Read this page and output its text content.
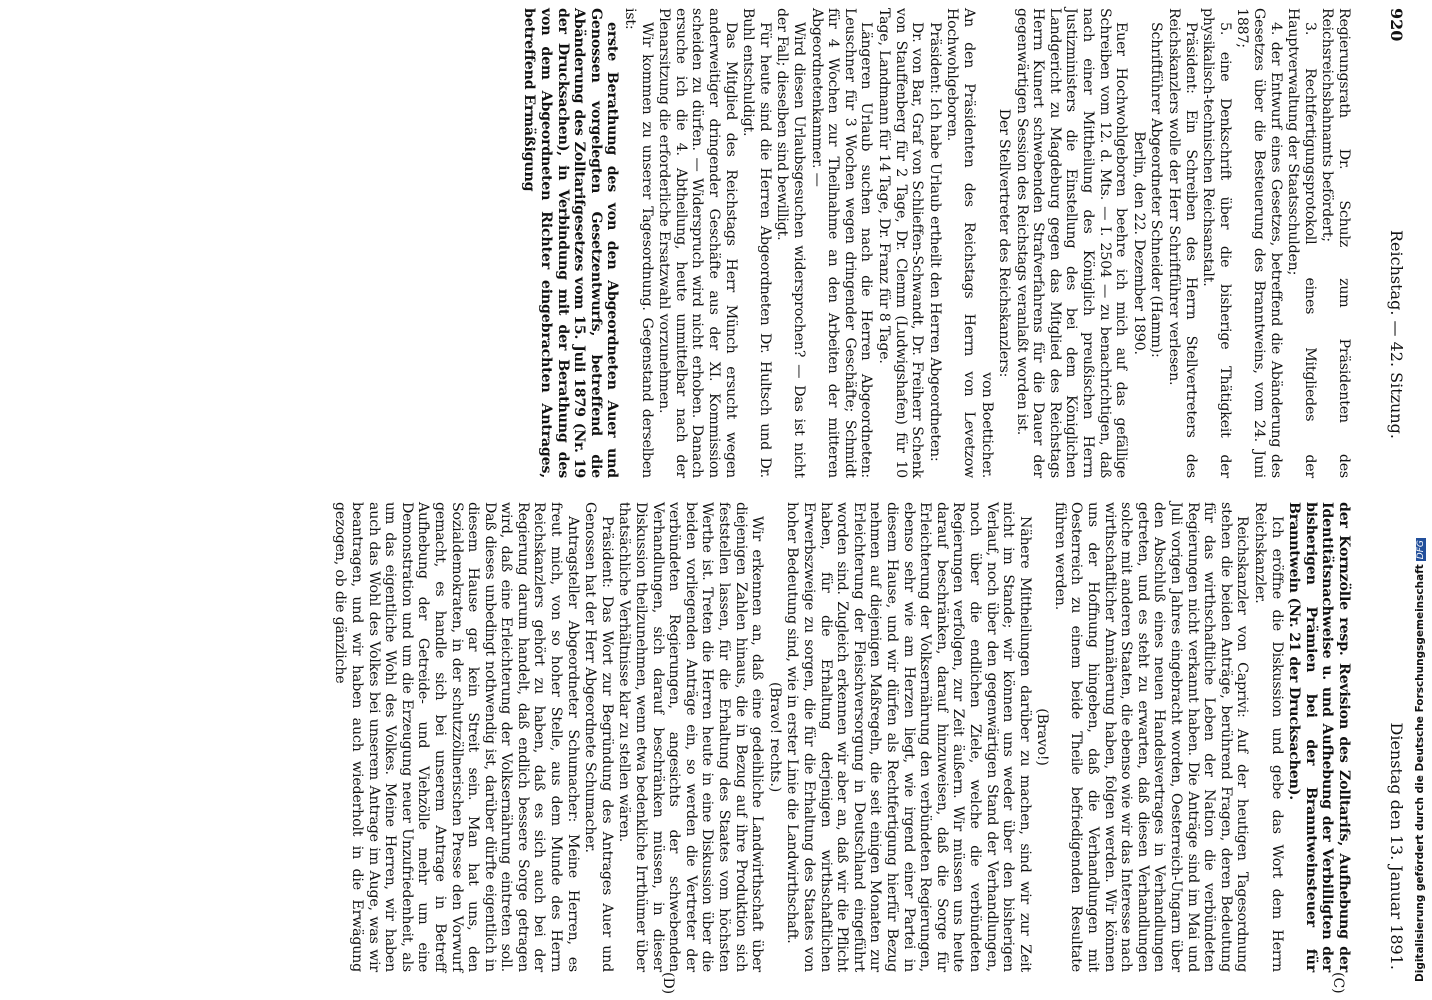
920
Reichstag. — 42. Sitzung.
Dienstag den 13. Januar 1891.
(C)
(D)

Regierungsrath Dr. Schulz zum Präsidenten des Reichsreichsbahnamts befördert;

3. Rechtfertigungsprotokoll eines Mitgliedes der Hauptverwaltung der Staatsschulden;

4. der Entwurf eines Gesetzes, betreffend die Abänderung des Gesetzes über die Besteuerung des Branntweins, vom 24. Juni 1887;

5. eine Denkschrift über die bisherige Thätigkeit der physikalisch-technischen Reichsanstalt.

Präsident: Ein Schreiben des Herrn Stellvertreters des Reichskanzlers wolle der Herr Schriftführer verlesen.

Schriftführer Abgeordneter Schneider (Hamm):

Berlin, den 22. Dezember 1890.

Euer Hochwohlgeboren beehre ich mich auf das gefällige Schreiben vom 12. d. Mts. — I. 2504 — zu benachrichtigen, daß nach einer Mittheilung des Königlich preußischen Herrn Justizministers die Einstellung des bei dem Königlichen Landgericht zu Magdeburg gegen das Mitglied des Reichstags Herrn Kunert schwebenden Strafverfahrens für die Dauer der gegenwärtigen Session des Reichstags veranlaßt worden ist.

Der Stellvertreter des Reichskanzlers:

von Boetticher.

An den Präsidenten des Reichstags Herrn von Levetzow Hochwohlgeboren.

Präsident: Ich habe Urlaub ertheilt den Herren Abgeordneten:

Dr. von Bar, Graf von Schlieffen-Schwandt, Dr. Freiherr Schenk von Stauffenberg für 2 Tage, Dr. Clemm (Ludwigshafen) für 10 Tage, Landmann für 14 Tage, Dr. Franz für 8 Tage.

Längeren Urlaub suchen nach die Herren Abgeordneten: Leuschner für 3 Wochen wegen dringender Geschäfte; Schmidt für 4 Wochen zur Theilnahme an den Arbeiten der mitteren Abgeordnetenkammer. —

Wird diesen Urlaubsgesuchen widersprochen? — Das ist nicht der Fall; dieselben sind bewilligt.

Für heute sind die Herren Abgeordneten Dr. Hultsch und Dr. Buhl entschuldigt.

Das Mitglied des Reichstags Herr Münch ersucht wegen anderweitiger dringender Geschäfte aus der XI. Kommission scheiden zu dürfen. — Widerspruch wird nicht erhoben. Danach ersuche ich die 4. Abtheilung, heute unmittelbar nach der Plenarsitzung die erforderliche Ersatzwahl vorzunehmen.

Wir kommen zu unserer Tagesordnung. Gegenstand derselben ist:

erste Berathung des von den Abgeordneten Auer und Genossen vorgelegten Gesetzentwurfs, betreffend die Abänderung des Zolltarifgesetzes vom 15. Juli 1879 (Nr. 19 der Drucksachen), in Verbindung mit der Berathung des von dem Abgeordneten Richter eingebrachten Antrages, betreffend Ermäßigung

der Kornzölle resp. Revision des Zolltarifs, Aufhebung der Identitätsnachweise u. und Aufhebung der Verbilligten der bisherigen Prämien bei der Branntweinsteuer für Branntwein (Nr. 21 der Drucksachen).

Ich eröffne die Diskussion und gebe das Wort dem Herrn Reichskanzler.

Reichskanzler von Caprivi: Auf der heutigen Tagesordnung stehen die beiden Anträge, berührend Fragen, deren Bedeutung für das wirthschaftliche Leben der Nation die verbündeten Regierungen nicht verkannt haben. Die Anträge sind im Mai und Juli vorigen Jahres eingebracht worden, Oesterreich-Ungarn über den Abschluß eines neuen Handelsvertrages in Verhandlungen getreten, und es steht zu erwarten, daß diesen Verhandlungen solche mit anderen Staaten, die ebenso wie wir das Interesse nach wirthschaftlicher Annäherung haben, folgen werden. Wir können uns der Hoffnung hingeben, daß die Verhandlungen mit Oesterreich zu einem beide Theile befriedigenden Resultate führen werden.

(Bravo!)

Nähere Mittheilungen darüber zu machen, sind wir zur Zeit nicht im Stande; wir können uns weder über den bisherigen Verlauf, noch über den gegenwärtigen Stand der Verhandlungen, noch über die endlichen Ziele, welche die verbündeten Regierungen verfolgen, zur Zeit äußern. Wir müssen uns heute darauf beschränken, darauf hinzuweisen, daß die Sorge für Erleichterung der Volksernährung den verbündeten Regierungen, ebenso sehr wie am Herzen liegt, wie irgend einer Partei in diesem Hause, und wir dürfen als Rechtfertigung hierfür Bezug nehmen auf diejenigen Maßregeln, die seit einigen Monaten zur Erleichterung der Fleischversorgung in Deutschland eingeführt worden sind. Zugleich erkennen wir aber an, daß wir die Pflicht haben, für die Erhaltung derjenigen wirthschaftlichen Erwerbszweige zu sorgen, die für die Erhaltung des Staates von hoher Bedeutung sind, wie in erster Linie die Landwirthschaft.

(Bravo! rechts.)

Wir erkennen an, daß eine gedeihliche Landwirthschaft über diejenigen Zahlen hinaus, die in Bezug auf ihre Produktion sich feststellen lassen, für die Erhaltung des Staates vom höchsten Werthe ist. Treten die Herren heute in eine Diskussion über die beiden vorliegenden Anträge ein, so werden die Vertreter der verbündeten Regierungen, angesichts der schwebenden Verhandlungen, sich darauf beschränken müssen, in dieser Diskussion theilzunehmen, wenn etwa bedenkliche Irrthümer über thatsächliche Verhältnisse klar zu stellen wären.

Präsident: Das Wort zur Begründung des Antrages Auer und Genossen hat der Herr Abgeordnete Schumacher.

Antragsteller Abgeordneter Schumacher: Meine Herren, es freut mich, von so hoher Stelle, aus dem Munde des Herrn Reichskanzlers gehört zu haben, daß es sich auch bei der Regierung darum handelt, daß endlich bessere Sorge getragen wird, daß eine Erleichterung der Volksernährung eintreten soll. Daß dieses unbedingt nothwendig ist, darüber dürfte eigentlich in diesem Hause gar kein Streit sein. Man hat uns, den Sozialdemokraten, in der schutzzöllnerischen Presse den Vorwurf gemacht, es handle sich bei unserem Antrage in Betreff Aufhebung der Getreide- und Viehzölle mehr um eine Demonstration und um die Erzeugung neuer Unzufriedenheit, als um das eigentliche Wohl des Volkes. Meine Herren, wir haben auch das Wohl des Volkes bei unserem Antrage im Auge, was wir beantragen, und wir haben auch wiederholt in die Erwägung gezogen, ob die gänzliche	Digitalisierung gefördert durch die Deutsche ForschungsgemeinschaftDFG
